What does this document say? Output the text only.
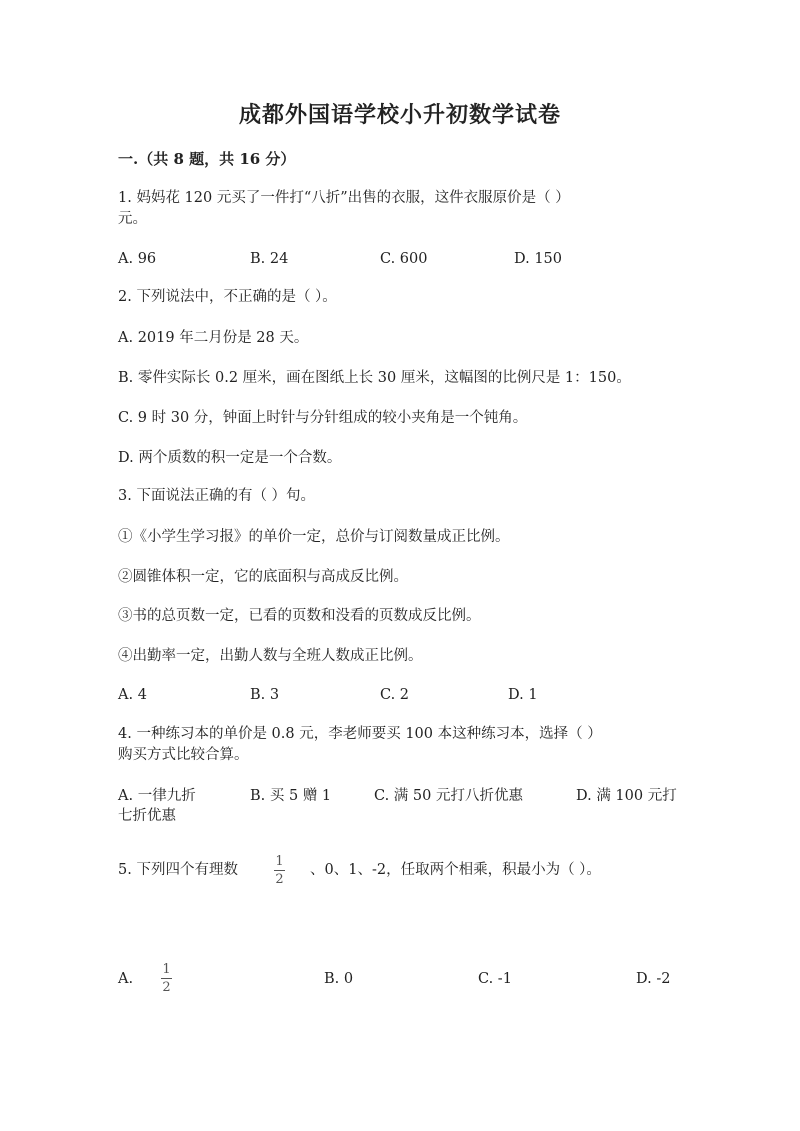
成都外国语学校小升初数学试卷
一.（共 8 题，共 16 分）
1. 妈妈花 120 元买了一件打“八折”出售的衣服，这件衣服原价是（ ）
元。
A. 96	B. 24	C. 600	D. 150
2. 下列说法中，不正确的是（ ）。
A. 2019 年二月份是 28 天。
B. 零件实际长 0.2 厘米，画在图纸上长 30 厘米，这幅图的比例尺是 1：150。
C. 9 时 30 分，钟面上时针与分针组成的较小夹角是一个钝角。
D. 两个质数的积一定是一个合数。
3. 下面说法正确的有（ ）句。
①《小学生学习报》的单价一定，总价与订阅数量成正比例。
②圆锥体积一定，它的底面积与高成反比例。
③书的总页数一定，已看的页数和没看的页数成反比例。
④出勤率一定，出勤人数与全班人数成正比例。
A. 4	B. 3	C. 2	D. 1
4. 一种练习本的单价是 0.8 元，李老师要买 100 本这种练习本，选择（ ）
购买方式比较合算。
A. 一律九折	B. 买 5 赠 1	C. 满 50 元打八折优惠	D. 满 100 元打
七折优惠
5. 下列四个有理数
1
2
、0、1、-2，任取两个相乘，积最小为（ ）。
A.
1
2
B. 0	C. -1	D. -2
